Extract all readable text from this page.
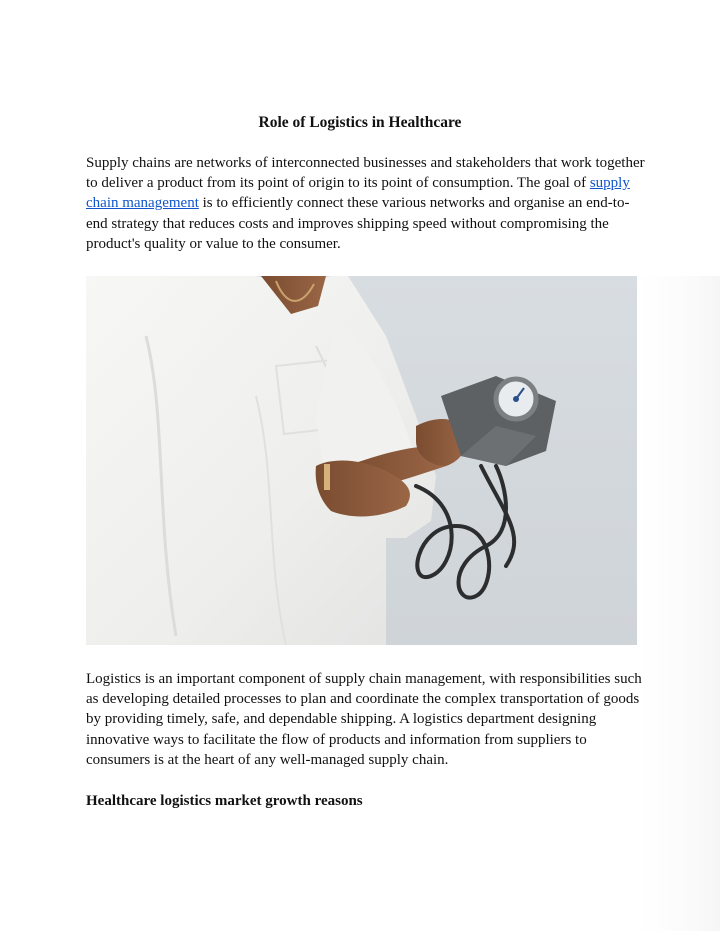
Role of Logistics in Healthcare

Supply chains are networks of interconnected businesses and stakeholders that work together to deliver a product from its point of origin to its point of consumption. The goal of supply chain management is to efficiently connect these various networks and organise an end-to-end strategy that reduces costs and improves shipping speed without compromising the product's quality or value to the consumer.

Logistics is an important component of supply chain management, with responsibilities such as developing detailed processes to plan and coordinate the complex transportation of goods by providing timely, safe, and dependable shipping. A logistics department designing innovative ways to facilitate the flow of products and information from suppliers to consumers is at the heart of any well-managed supply chain.

Healthcare logistics market growth reasons
